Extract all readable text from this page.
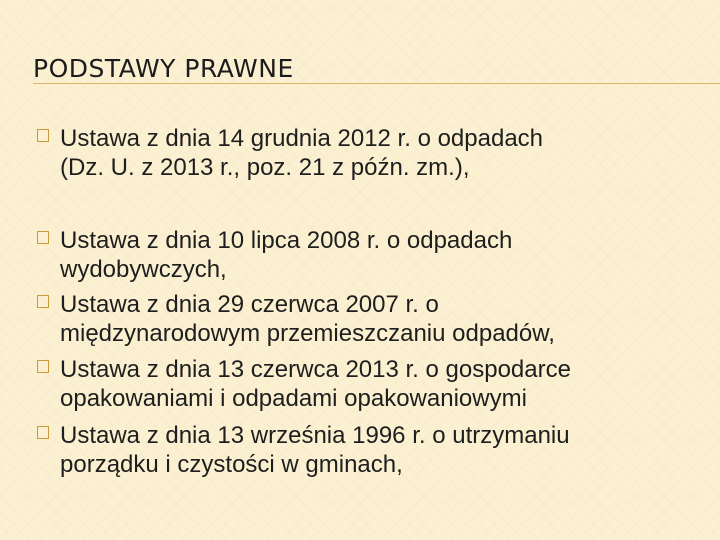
PODSTAWY PRAWNE
Ustawa z dnia 14 grudnia 2012 r. o odpadach
(Dz. U. z 2013 r., poz. 21 z późn. zm.),
Ustawa z dnia 10 lipca 2008 r. o odpadach
wydobywczych,
Ustawa z dnia 29 czerwca 2007 r. o
międzynarodowym przemieszczaniu odpadów,
Ustawa z dnia 13 czerwca 2013 r. o gospodarce
opakowaniami i odpadami opakowaniowymi
Ustawa z dnia 13 września 1996 r. o utrzymaniu
porządku i czystości w gminach,
